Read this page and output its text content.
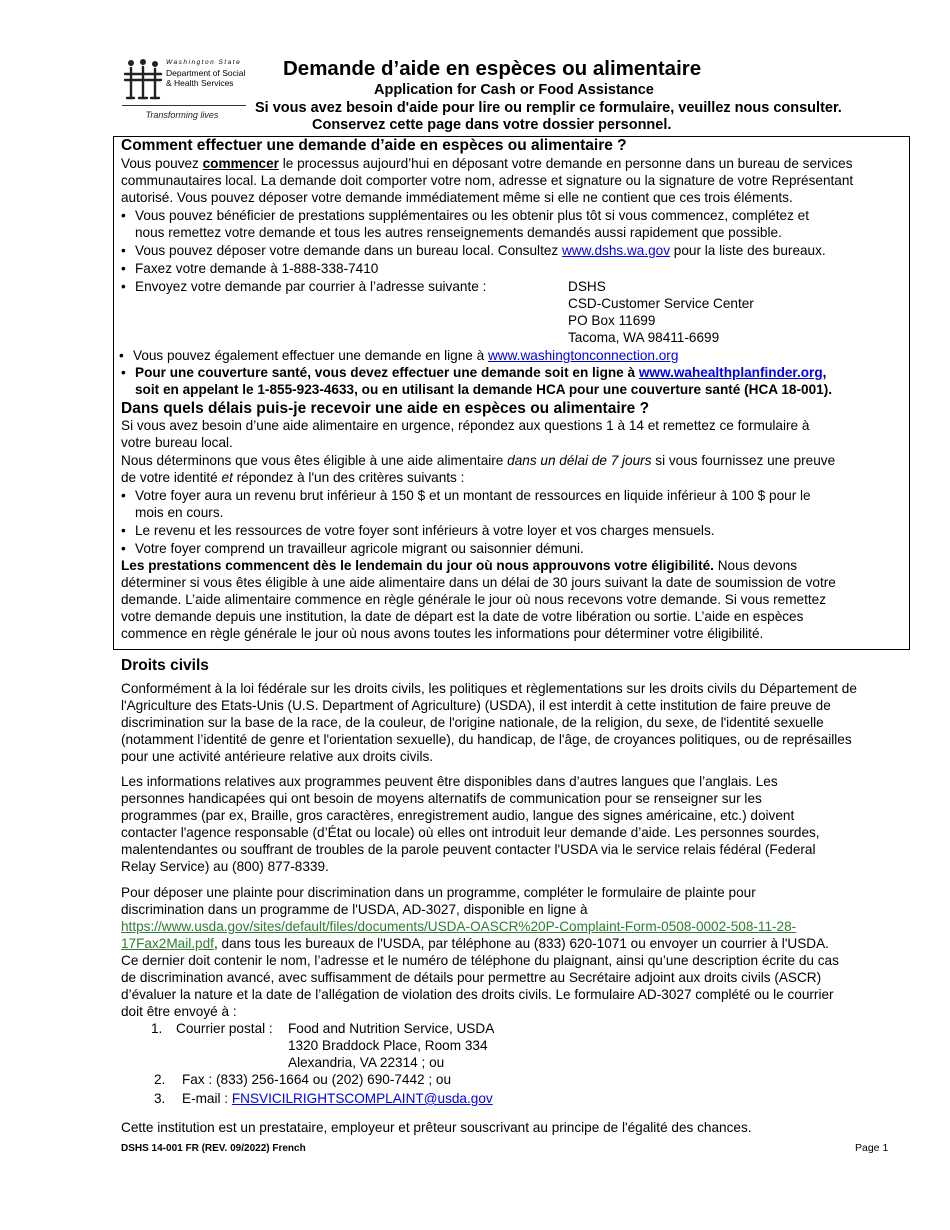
Washington State
Department of Social
& Health Services
Transforming lives
Demande d’aide en espèces ou alimentaire
Application for Cash or Food Assistance
Si vous avez besoin d'aide pour lire ou remplir ce formulaire, veuillez nous consulter.
Conservez cette page dans votre dossier personnel.
Comment effectuer une demande d’aide en espèces ou alimentaire ?
Vous pouvez commencer le processus aujourd’hui en déposant votre demande en personne dans un bureau de services
communautaires local. La demande doit comporter votre nom, adresse et signature ou la signature de votre Représentant
autorisé. Vous pouvez déposer votre demande immédiatement même si elle ne contient que ces trois éléments.
• Vous pouvez bénéficier de prestations supplémentaires ou les obtenir plus tôt si vous commencez, complétez et
nous remettez votre demande et tous les autres renseignements demandés aussi rapidement que possible.
• Vous pouvez déposer votre demande dans un bureau local. Consultez www.dshs.wa.gov pour la liste des bureaux.
• Faxez votre demande à 1-888-338-7410
• Envoyez votre demande par courrier à l’adresse suivante :	DSHS
CSD-Customer Service Center
PO Box 11699
Tacoma, WA 98411-6699
• Vous pouvez également effectuer une demande en ligne à www.washingtonconnection.org
• Pour une couverture santé, vous devez effectuer une demande soit en ligne à www.wahealthplanfinder.org,
soit en appelant le 1-855-923-4633, ou en utilisant la demande HCA pour une couverture santé (HCA 18-001).
Dans quels délais puis-je recevoir une aide en espèces ou alimentaire ?
Si vous avez besoin d’une aide alimentaire en urgence, répondez aux questions 1 à 14 et remettez ce formulaire à
votre bureau local.
Nous déterminons que vous êtes éligible à une aide alimentaire dans un délai de 7 jours si vous fournissez une preuve
de votre identité et répondez à l'un des critères suivants :
• Votre foyer aura un revenu brut inférieur à 150 $ et un montant de ressources en liquide inférieur à 100 $ pour le
mois en cours.
• Le revenu et les ressources de votre foyer sont inférieurs à votre loyer et vos charges mensuels.
• Votre foyer comprend un travailleur agricole migrant ou saisonnier démuni.
Les prestations commencent dès le lendemain du jour où nous approuvons votre éligibilité. Nous devons
déterminer si vous êtes éligible à une aide alimentaire dans un délai de 30 jours suivant la date de soumission de votre
demande. L’aide alimentaire commence en règle générale le jour où nous recevons votre demande. Si vous remettez
votre demande depuis une institution, la date de départ est la date de votre libération ou sortie. L’aide en espèces
commence en règle générale le jour où nous avons toutes les informations pour déterminer votre éligibilité.
Droits civils
Conformément à la loi fédérale sur les droits civils, les politiques et règlementations sur les droits civils du Département de
l'Agriculture des Etats-Unis (U.S. Department of Agriculture) (USDA), il est interdit à cette institution de faire preuve de
discrimination sur la base de la race, de la couleur, de l'origine nationale, de la religion, du sexe, de l'identité sexuelle
(notamment l’identité de genre et l'orientation sexuelle), du handicap, de l'âge, de croyances politiques, ou de représailles
pour une activité antérieure relative aux droits civils.
Les informations relatives aux programmes peuvent être disponibles dans d’autres langues que l’anglais. Les
personnes handicapées qui ont besoin de moyens alternatifs de communication pour se renseigner sur les
programmes (par ex, Braille, gros caractères, enregistrement audio, langue des signes américaine, etc.) doivent
contacter l'agence responsable (d’État ou locale) où elles ont introduit leur demande d’aide. Les personnes sourdes,
malentendantes ou souffrant de troubles de la parole peuvent contacter l'USDA via le service relais fédéral (Federal
Relay Service) au (800) 877-8339.
Pour déposer une plainte pour discrimination dans un programme, compléter le formulaire de plainte pour
discrimination dans un programme de l'USDA, AD-3027, disponible en ligne à
https://www.usda.gov/sites/default/files/documents/USDA-OASCR%20P-Complaint-Form-0508-0002-508-11-28-
17Fax2Mail.pdf, dans tous les bureaux de l'USDA, par téléphone au (833) 620-1071 ou envoyer un courrier à l'USDA.
Ce dernier doit contenir le nom, l’adresse et le numéro de téléphone du plaignant, ainsi qu’une description écrite du cas
de discrimination avancé, avec suffisamment de détails pour permettre au Secrétaire adjoint aux droits civils (ASCR)
d’évaluer la nature et la date de l’allégation de violation des droits civils. Le formulaire AD-3027 complété ou le courrier
doit être envoyé à :
1. Courrier postal : Food and Nutrition Service, USDA
1320 Braddock Place, Room 334
Alexandria, VA 22314 ; ou
2. Fax : (833) 256-1664 ou (202) 690-7442 ; ou
3. E-mail : FNSVICILRIGHTSCOMPLAINT@usda.gov
Cette institution est un prestataire, employeur et prêteur souscrivant au principe de l'égalité des chances.
DSHS 14-001 FR (REV. 09/2022) French	Page 1
